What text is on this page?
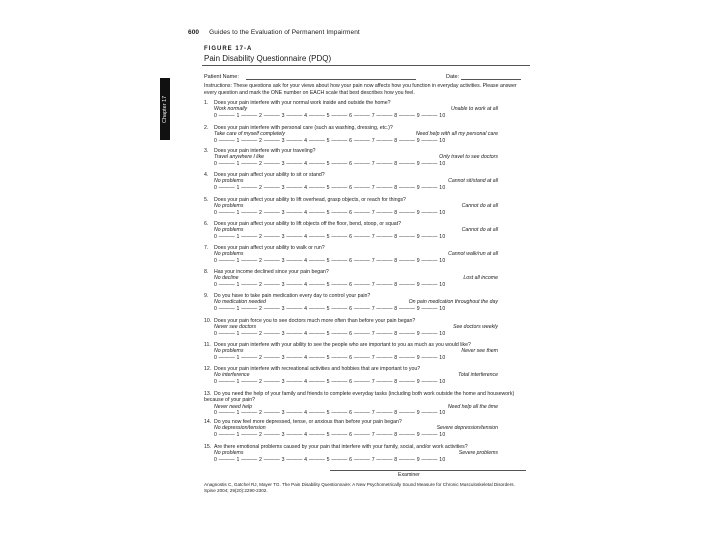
600 Guides to the Evaluation of Permanent Impairment
Chapter 17
FIGURE 17-A
Pain Disability Questionnaire (PDQ)
Patient Name:	Date:
Instructions: These questions ask for your views about how your pain now affects how you function in everyday activities. Please answer every question and mark the ONE number on EACH scale that best describes how you feel.
1. Does your pain interfere with your normal work inside and outside the home?
Work normally	Unable to work at all
0 ——— 1 ——— 2 ——— 3 ——— 4 ——— 5 ——— 6 ——— 7 ——— 8 ——— 9 ——— 10
2. Does your pain interfere with personal care (such as washing, dressing, etc.)?
Take care of myself completely	Need help with all my personal care
0 ——— 1 ——— 2 ——— 3 ——— 4 ——— 5 ——— 6 ——— 7 ——— 8 ——— 9 ——— 10
3. Does your pain interfere with your traveling?
Travel anywhere I like	Only travel to see doctors
0 ——— 1 ——— 2 ——— 3 ——— 4 ——— 5 ——— 6 ——— 7 ——— 8 ——— 9 ——— 10
4. Does your pain affect your ability to sit or stand?
No problems	Cannot sit/stand at all
0 ——— 1 ——— 2 ——— 3 ——— 4 ——— 5 ——— 6 ——— 7 ——— 8 ——— 9 ——— 10
5. Does your pain affect your ability to lift overhead, grasp objects, or reach for things?
No problems	Cannot do at all
0 ——— 1 ——— 2 ——— 3 ——— 4 ——— 5 ——— 6 ——— 7 ——— 8 ——— 9 ——— 10
6. Does your pain affect your ability to lift objects off the floor, bend, stoop, or squat?
No problems	Cannot do at all
0 ——— 1 ——— 2 ——— 3 ——— 4 ——— 5 ——— 6 ——— 7 ——— 8 ——— 9 ——— 10
7. Does your pain affect your ability to walk or run?
No problems	Cannot walk/run at all
0 ——— 1 ——— 2 ——— 3 ——— 4 ——— 5 ——— 6 ——— 7 ——— 8 ——— 9 ——— 10
8. Has your income declined since your pain began?
No decline	Lost all income
0 ——— 1 ——— 2 ——— 3 ——— 4 ——— 5 ——— 6 ——— 7 ——— 8 ——— 9 ——— 10
9. Do you have to take pain medication every day to control your pain?
No medication needed	On pain medication throughout the day
0 ——— 1 ——— 2 ——— 3 ——— 4 ——— 5 ——— 6 ——— 7 ——— 8 ——— 9 ——— 10
10. Does your pain force you to see doctors much more often than before your pain began?
Never see doctors	See doctors weekly
0 ——— 1 ——— 2 ——— 3 ——— 4 ——— 5 ——— 6 ——— 7 ——— 8 ——— 9 ——— 10
11. Does your pain interfere with your ability to see the people who are important to you as much as you would like?
No problems	Never see them
0 ——— 1 ——— 2 ——— 3 ——— 4 ——— 5 ——— 6 ——— 7 ——— 8 ——— 9 ——— 10
12. Does your pain interfere with recreational activities and hobbies that are important to you?
No interference	Total interference
0 ——— 1 ——— 2 ——— 3 ——— 4 ——— 5 ——— 6 ——— 7 ——— 8 ——— 9 ——— 10
13. Do you need the help of your family and friends to complete everyday tasks (including both work outside the home and housework) because of your pain?
Never need help	Need help all the time
0 ——— 1 ——— 2 ——— 3 ——— 4 ——— 5 ——— 6 ——— 7 ——— 8 ——— 9 ——— 10
14. Do you now feel more depressed, tense, or anxious than before your pain began?
No depression/tension	Severe depression/tension
0 ——— 1 ——— 2 ——— 3 ——— 4 ——— 5 ——— 6 ——— 7 ——— 8 ——— 9 ——— 10
15. Are there emotional problems caused by your pain that interfere with your family, social, and/or work activities?
No problems	Severe problems
0 ——— 1 ——— 2 ——— 3 ——— 4 ——— 5 ——— 6 ——— 7 ——— 8 ——— 9 ——— 10
Examiner
Anagnostis C, Gatchel RJ, Mayer TG. The Pain Disability Questionnaire: A New Psychometrically Sound Measure for Chronic Musculoskeletal Disorders. Spine 2004; 29(20):2290-2302.
